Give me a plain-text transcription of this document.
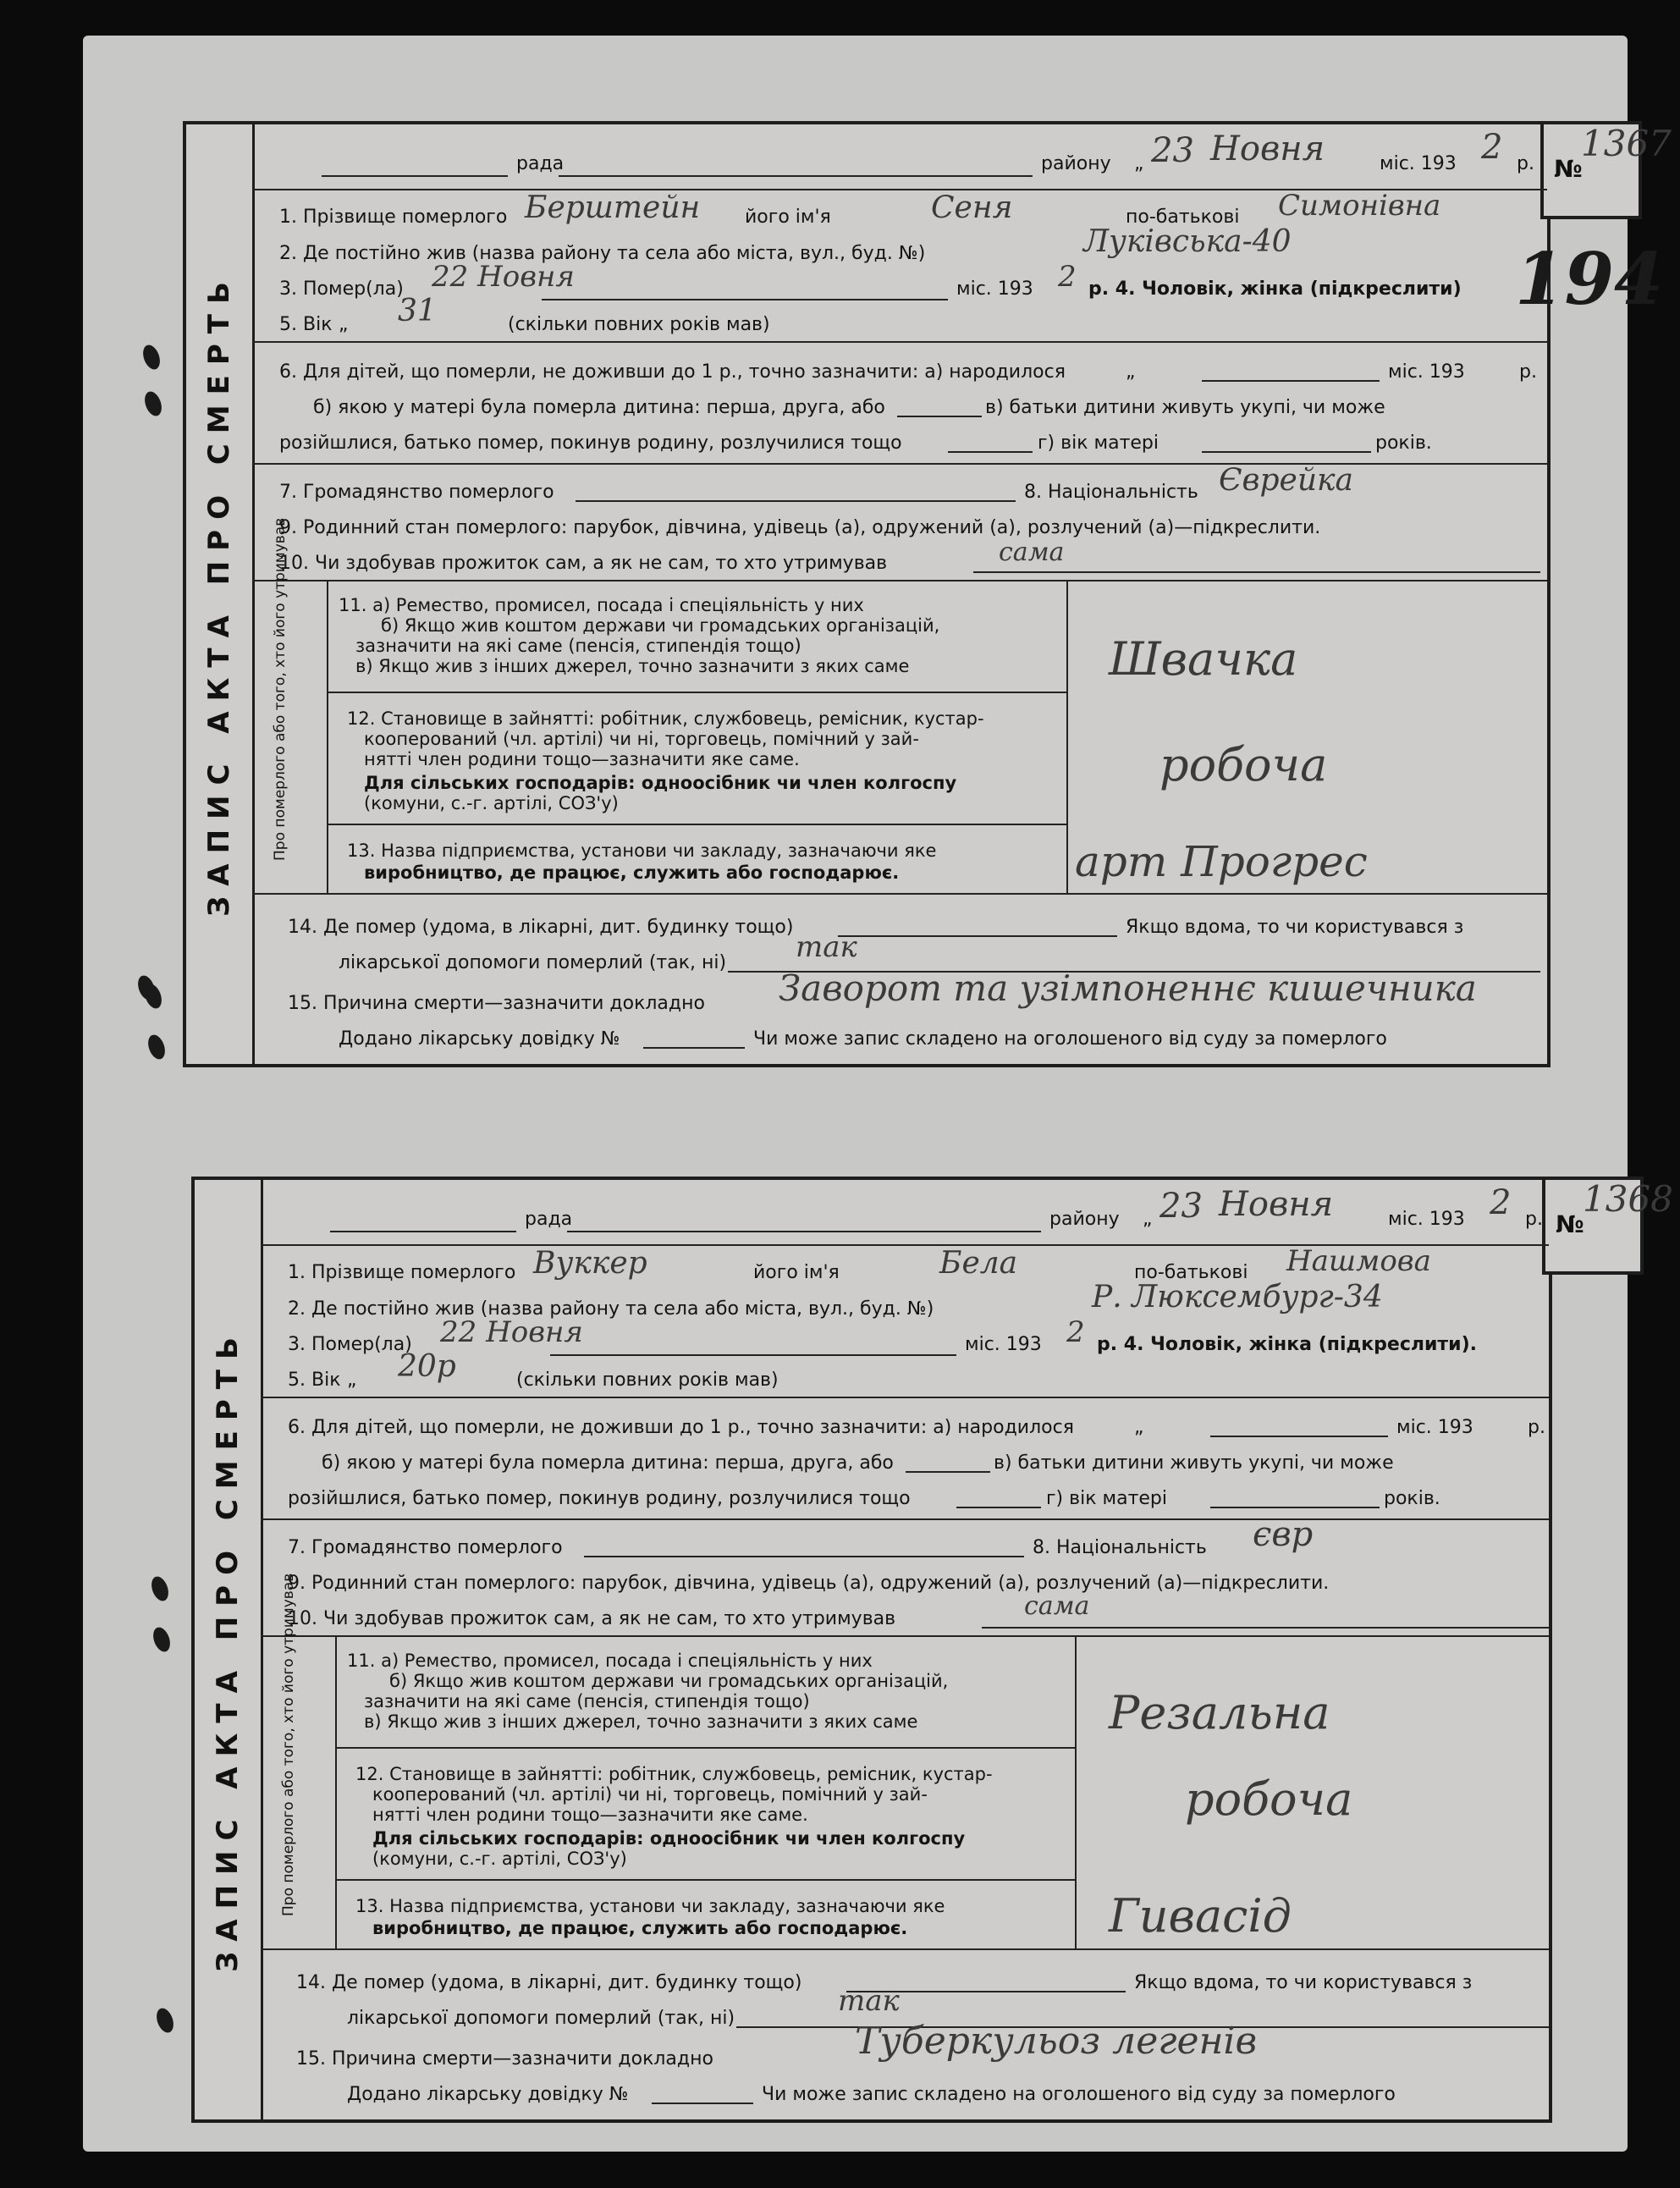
ЗАПИС АКТА ПРО СМЕРТЬ
№
1367
рада	району „ 23 Новня	міс. 193 2 р.
1. Прізвище померлого Берштейн його ім'я	Сеня	по-батькові Симонівна
2. Де постійно жив (назва району та села або міста, вул., буд. №)	Луківська-40
3. Помер(ла) 22 Новня	міс. 193 2 р. 4. Чоловік, жінка (підкреслити)
5. Вік „ 31	(скільки повних років мав)
6. Для дітей, що померли, не доживши до 1 р., точно зазначити: а) народилося	„	міс. 193	р.
б) якою у матері була померла дитина: перша, друга, або	в) батьки дитини живуть укупі, чи може
розійшлися, батько помер, покинув родину, розлучилися тощо	г) вік матері	років.
7. Громадянство померлого	8. Національність Єврейка
9. Родинний стан померлого: парубок, дівчина, удівець (а), одружений (а), розлучений (а)—підкреслити.
10. Чи здобував прожиток сам, а як не сам, то хто утримував	сама
11. а) Ремество, промисел, посада і спеціяльність у них
б) Якщо жив коштом держави чи громадських організацій,
зазначити на які саме (пенсія, стипендія тощо)
в) Якщо жив з інших джерел, точно зазначити з яких саме	Швачка
12. Становище в зайнятті: робітник, службовець, ремісник, кустар-
кооперований (чл. артілі) чи ні, торговець, помічний у зай-
нятті член родини тощо—зазначити яке саме.
Для сільських господарів: одноосібник чи член колгоспу
(комуни, с.-г. артілі, СОЗ'у)
робоча
13. Назва підприємства, установи чи закладу, зазначаючи яке
виробництво, де працює, служить або господарює.	арт Прогрес
Про померлого або того, хто його утримував
14. Де помер (удома, в лікарні, дит. будинку тощо)	Якщо вдома, то чи користувався з
лікарської допомоги померлий (так, ні) так
15. Причина смерти—зазначити докладно Заворот та узімпоненнє кишечника
Додано лікарську довідку №	Чи може запис складено на оголошеного від суду за померлого
194
ЗАПИС АКТА ПРО СМЕРТЬ
№
1368
рада	району „ 23 Новня	міс. 193 2 р.
1. Прізвище померлого Вуккер	його ім'я	Бела	по-батькові Нашмова
2. Де постійно жив (назва району та села або міста, вул., буд. №)	Р. Люксембург-34
3. Помер(ла) 22 Новня	міс. 193 2 р. 4. Чоловік, жінка (підкреслити).
5. Вік „ 20р	(скільки повних років мав)
6. Для дітей, що померли, не доживши до 1 р., точно зазначити: а) народилося	„	міс. 193	р.
б) якою у матері була померла дитина: перша, друга, або	в) батьки дитини живуть укупі, чи може
розійшлися, батько помер, покинув родину, розлучилися тощо	г) вік матері	років.
7. Громадянство померлого	8. Національність євр
9. Родинний стан померлого: парубок, дівчина, удівець (а), одружений (а), розлучений (а)—підкреслити.
10. Чи здобував прожиток сам, а як не сам, то хто утримував	сама
11. а) Ремество, промисел, посада і спеціяльність у них
б) Якщо жив коштом держави чи громадських організацій,
зазначити на які саме (пенсія, стипендія тощо)
в) Якщо жив з інших джерел, точно зазначити з яких саме	Резальна
12. Становище в зайнятті: робітник, службовець, ремісник, кустар-
кооперований (чл. артілі) чи ні, торговець, помічний у зай-
нятті член родини тощо—зазначити яке саме.
Для сільських господарів: одноосібник чи член колгоспу
(комуни, с.-г. артілі, СОЗ'у)
робоча
13. Назва підприємства, установи чи закладу, зазначаючи яке
виробництво, де працює, служить або господарює.	Гивасід
Про померлого або того, хто його утримував
14. Де помер (удома, в лікарні, дит. будинку тощо)	Якщо вдома, то чи користувався з
лікарської допомоги померлий (так, ні)
так
15. Причина смерти—зазначити докладно	Туберкульоз легенів
Додано лікарську довідку №	Чи може запис складено на оголошеного від суду за померлого
